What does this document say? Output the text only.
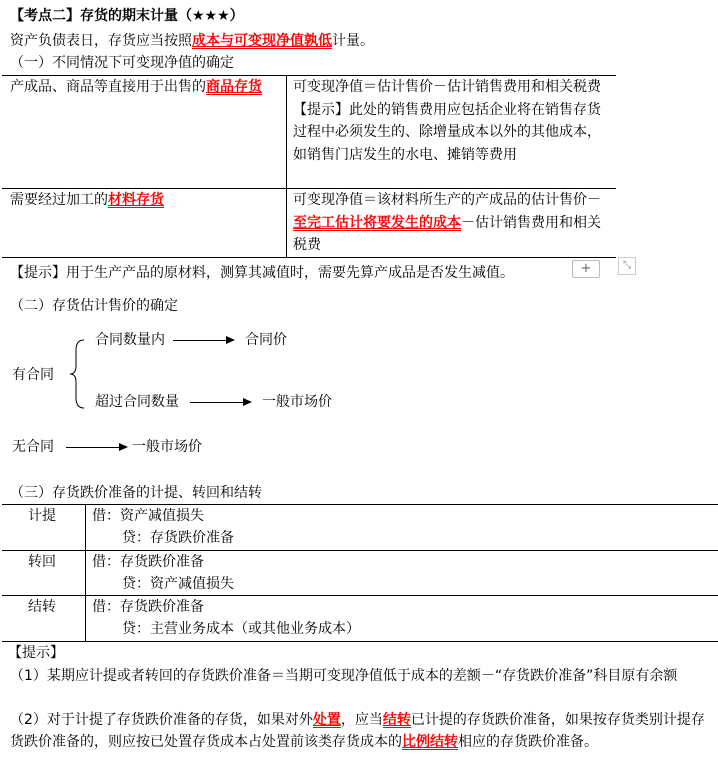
【考点二】存货的期末计量（★★★）
资产负债表日，存货应当按照成本与可变现净值孰低计量。
（一）不同情况下可变现净值的确定
产成品、商品等直接用于出售的商品存货 可变现净值＝估计售价－估计销售费用和相关税费
【提示】此处的销售费用应包括企业将在销售存货过程中必须发生的、除增量成本以外的其他成本，如销售门店发生的水电、摊销等费用
需要经过加工的材料存货	可变现净值＝该材料所生产的产成品的估计售价－至完工估计将要发生的成本－估计销售费用和相关税费
【提示】用于生产产品的原材料，测算其减值时，需要先算产成品是否发生减值。	+	⤡
（二）存货估计售价的确定
有合同
合同数量内	合同价
超过合同数量	一般市场价
无合同	一般市场价
（三）存货跌价准备的计提、转回和结转
计提	借：资产减值损失
贷：存货跌价准备
转回	借：存货跌价准备
贷：资产减值损失
结转	借：存货跌价准备
贷：主营业务成本（或其他业务成本）
【提示】
（1）某期应计提或者转回的存货跌价准备＝当期可变现净值低于成本的差额－“存货跌价准备”科目原有余额
（2）对于计提了存货跌价准备的存货，如果对外处置，应当结转已计提的存货跌价准备，如果按存货类别计提存货跌价准备的，则应按已处置存货成本占处置前该类存货成本的比例结转相应的存货跌价准备。
